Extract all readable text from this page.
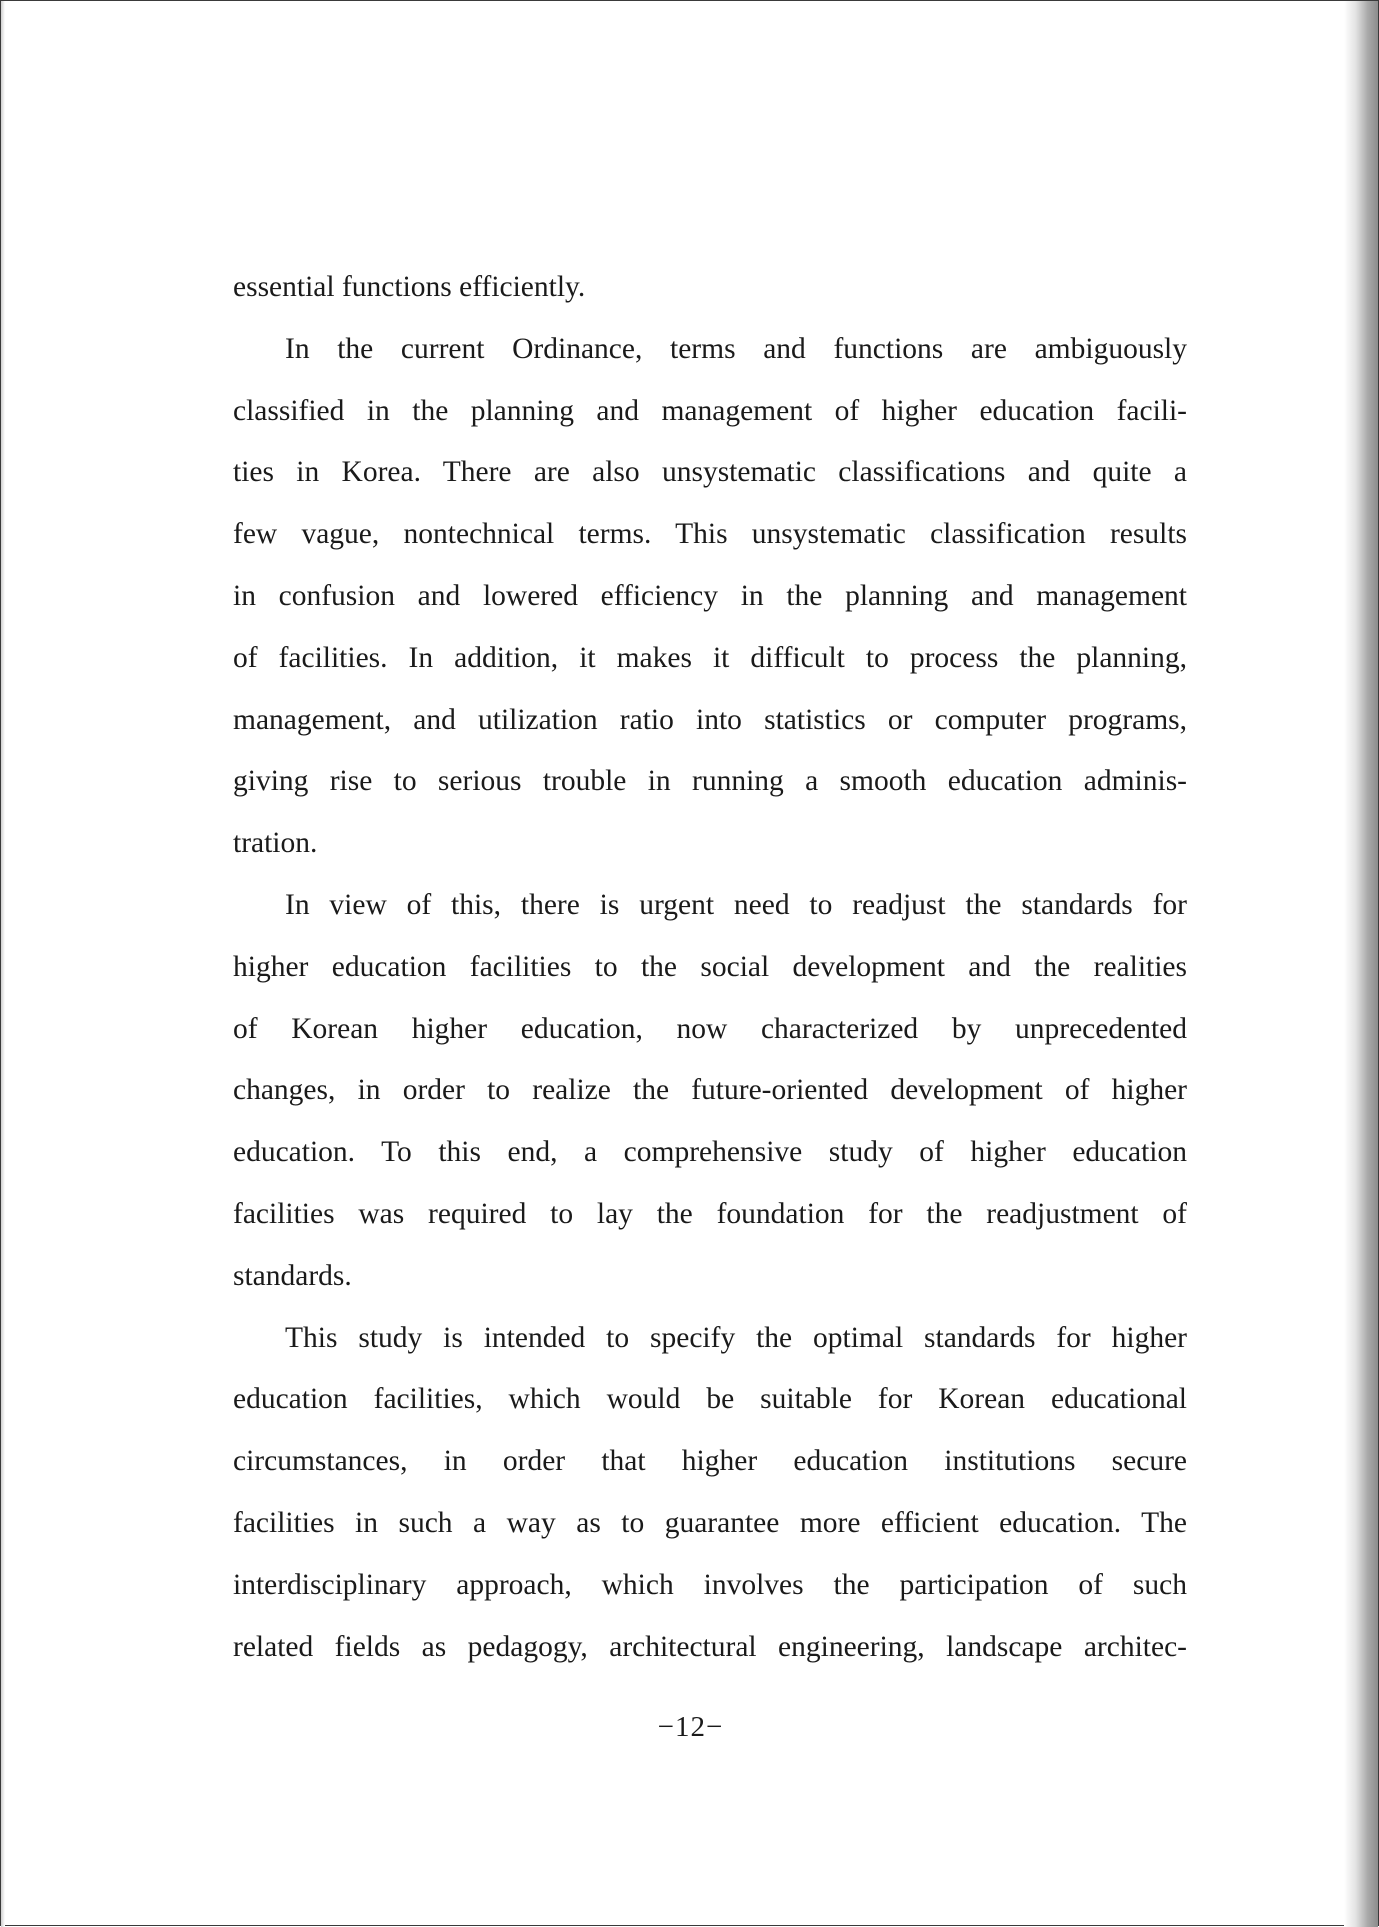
essential functions efficiently.
In the current Ordinance, terms and functions are ambiguously
classified in the planning and management of higher education facili-
ties in Korea. There are also unsystematic classifications and quite a
few vague, nontechnical terms. This unsystematic classification results
in confusion and lowered efficiency in the planning and management
of facilities. In addition, it makes it difficult to process the planning,
management, and utilization ratio into statistics or computer programs,
giving rise to serious trouble in running a smooth education adminis-
tration.
In view of this, there is urgent need to readjust the standards for
higher education facilities to the social development and the realities
of Korean higher education, now characterized by unprecedented
changes, in order to realize the future-oriented development of higher
education. To this end, a comprehensive study of higher education
facilities was required to lay the foundation for the readjustment of
standards.
This study is intended to specify the optimal standards for higher
education facilities, which would be suitable for Korean educational
circumstances, in order that higher education institutions secure
facilities in such a way as to guarantee more efficient education. The
interdisciplinary approach, which involves the participation of such
related fields as pedagogy, architectural engineering, landscape architec-
−12−
